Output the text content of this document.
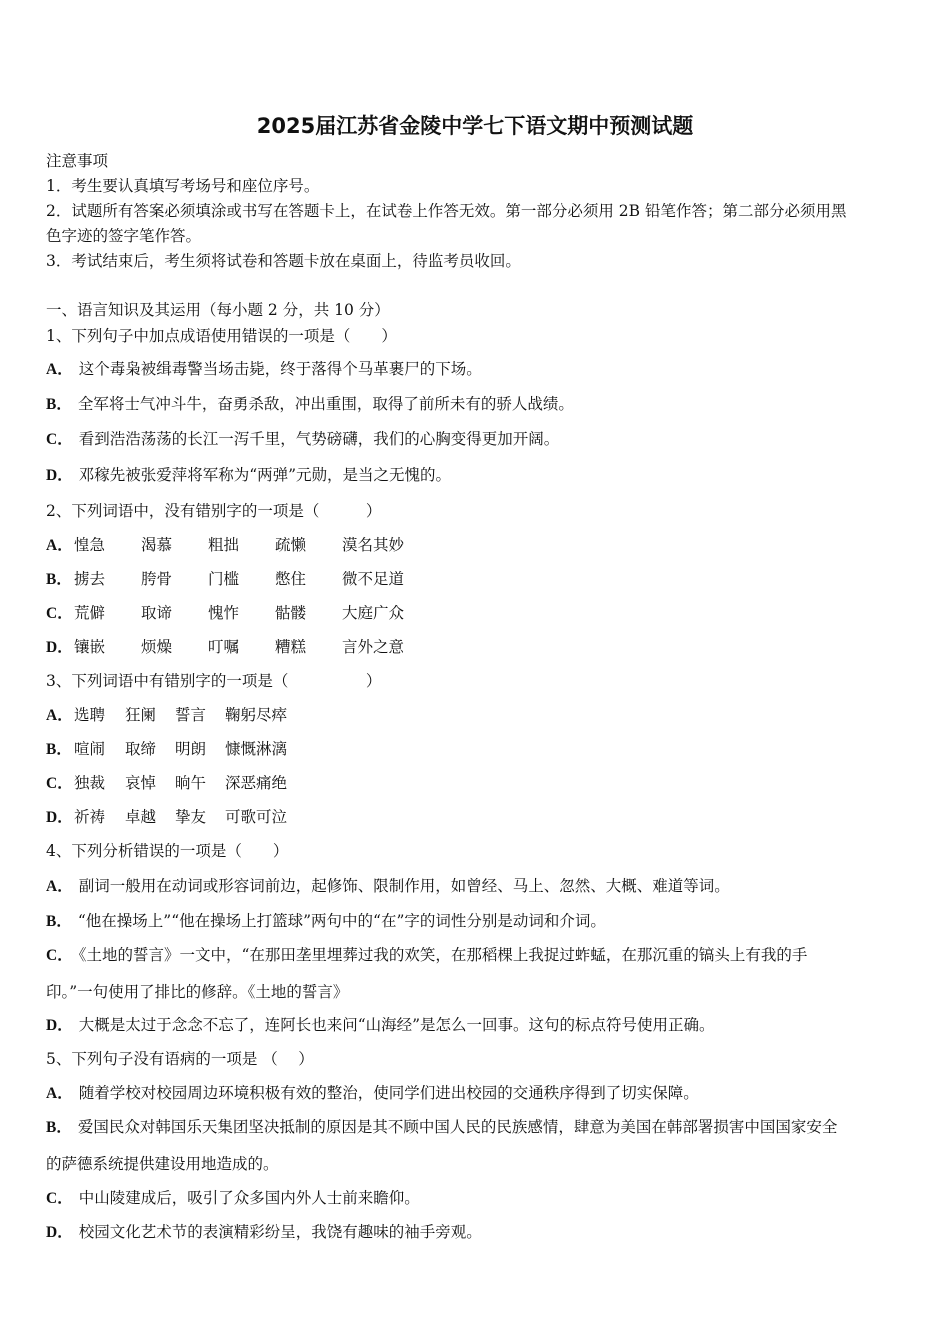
2025届江苏省金陵中学七下语文期中预测试题
注意事项
1．考生要认真填写考场号和座位序号。
2．试题所有答案必须填涂或书写在答题卡上，在试卷上作答无效。第一部分必须用 2B 铅笔作答；第二部分必须用黑
色字迹的签字笔作答。
3．考试结束后，考生须将试卷和答题卡放在桌面上，待监考员收回。
一、语言知识及其运用（每小题 2 分，共 10 分）
1、下列句子中加点成语使用错误的一项是（　　）
A． 这个毒枭被缉毒警当场击毙，终于落得个马革裹尸的下场。
B． 全军将士气冲斗牛，奋勇杀敌，冲出重围，取得了前所未有的骄人战绩。
C． 看到浩浩荡荡的长江一泻千里，气势磅礴，我们的心胸变得更加开阔。
D． 邓稼先被张爱萍将军称为“两弹”元勋，是当之无愧的。
2、下列词语中，没有错别字的一项是（　　　）
A． 惶急 渴慕 粗拙 疏懒 漠名其妙
B． 掳去 胯骨 门槛 憋住 微不足道
C． 荒僻 取谛 愧怍 骷髅 大庭广众
D． 镶嵌 烦燥 叮嘱 糟糕 言外之意
3、下列词语中有错别字的一项是（　　　　　）
A． 选聘 狂阑 誓言 鞠躬尽瘁
B． 喧闹 取缔 明朗 慷慨淋漓
C． 独裁 哀悼 晌午 深恶痛绝
D． 祈祷 卓越 挚友 可歌可泣
4、下列分析错误的一项是（　　）
A． 副词一般用在动词或形容词前边，起修饰、限制作用，如曾经、马上、忽然、大概、难道等词。
B． “他在操场上”“他在操场上打篮球”两句中的“在”字的词性分别是动词和介词。
C． 《土地的誓言》一文中，“在那田垄里埋葬过我的欢笑，在那稻棵上我捉过蚱蜢，在那沉重的镐头上有我的手
印。”一句使用了排比的修辞。《土地的誓言》
D． 大概是太过于念念不忘了，连阿长也来问“山海经”是怎么一回事。这句的标点符号使用正确。
5、下列句子没有语病的一项是 （　 ）
A． 随着学校对校园周边环境积极有效的整治，使同学们进出校园的交通秩序得到了切实保障。
B． 爱国民众对韩国乐天集团坚决抵制的原因是其不顾中国人民的民族感情，肆意为美国在韩部署损害中国国家安全
的萨德系统提供建设用地造成的。
C． 中山陵建成后，吸引了众多国内外人士前来瞻仰。
D． 校园文化艺术节的表演精彩纷呈，我饶有趣味的袖手旁观。
